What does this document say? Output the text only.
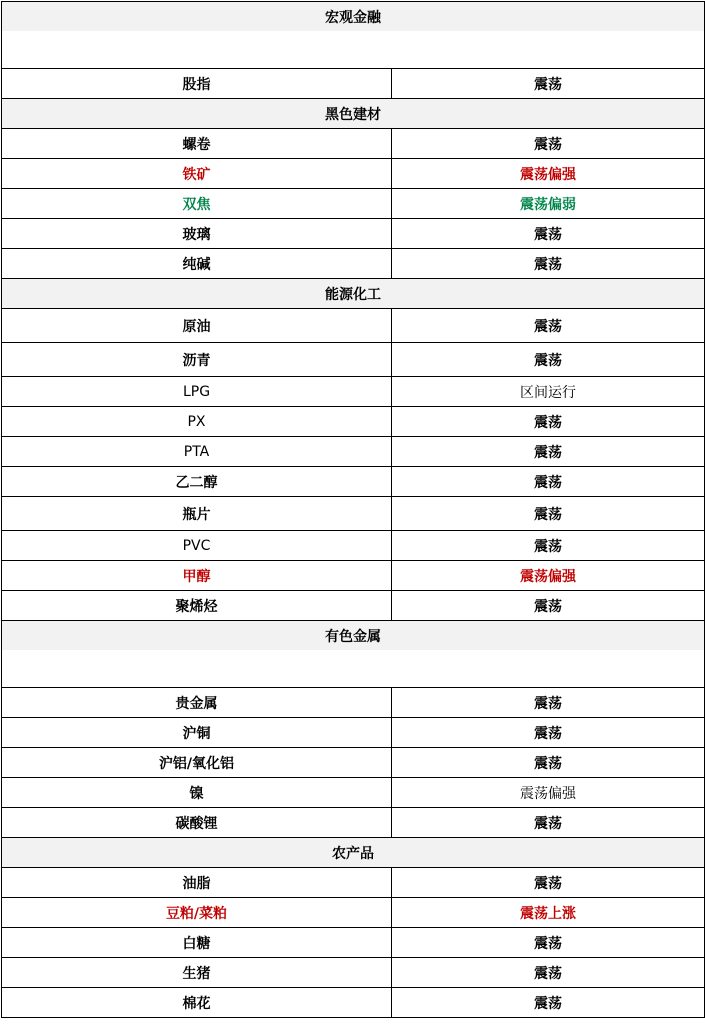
宏观金融	

股指	震荡
黑色建材	
螺卷	震荡
铁矿	震荡偏强
双焦	震荡偏弱
玻璃	震荡
纯碱	震荡
能源化工	
原油	震荡
沥青	震荡
LPG	区间运行
PX	震荡
PTA	震荡
乙二醇	震荡
瓶片	震荡
PVC	震荡
甲醇	震荡偏强
聚烯烃	震荡
有色金属	

贵金属	震荡
沪铜	震荡
沪铝/氧化铝	震荡
镍	震荡偏强
碳酸锂	震荡
农产品	
油脂	震荡
豆粕/菜粕	震荡上涨
白糖	震荡
生猪	震荡
棉花	震荡
